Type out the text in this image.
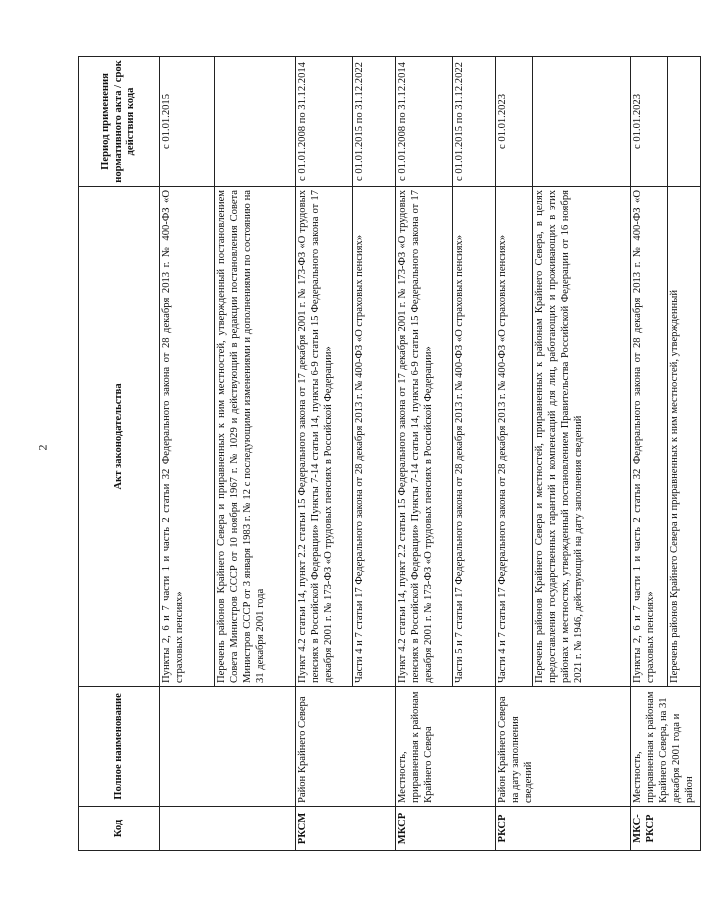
2
Код	Полное наименование	Акт законодательства	Период применения нормативного акта / срок действия кода
		Пункты 2, 6 и 7 части 1 и часть 2 статьи 32 Федерального закона от 28 декабря 2013 г. № 400-ФЗ «О страховых пенсиях»	с 01.01.2015
		Перечень районов Крайнего Севера и приравненных к ним местностей, утвержденный постановлением Совета Министров СССР от 10 ноября 1967 г. № 1029 и действующий в редакции постановления Совета Министров СССР от 3 января 1983 г. № 12 с последующими изменениями и дополнениями по состоянию на 31 декабря 2001 года	
РКСМ	Район Крайнего Севера	Пункт 4.2 статьи 14, пункт 2.2 статьи 15 Федерального закона от 17 декабря 2001 г. № 173-ФЗ «О трудовых пенсиях в Российской Федерации» Пункты 7-14 статьи 14, пункты 6-9 статьи 15 Федерального закона от 17 декабря 2001 г. № 173-ФЗ «О трудовых пенсиях в Российской Федерации»	с 01.01.2008 по 31.12.2014
		Части 4 и 7 статьи 17 Федерального закона от 28 декабря 2013 г. № 400-ФЗ «О страховых пенсиях»	с 01.01.2015 по 31.12.2022
МКСР	Местность, приравненная к районам Крайнего Севера	Пункт 4.2 статьи 14, пункт 2.2 статьи 15 Федерального закона от 17 декабря 2001 г. № 173-ФЗ «О трудовых пенсиях в Российской Федерации» Пункты 7-14 статьи 14, пункты 6-9 статьи 15 Федерального закона от 17 декабря 2001 г. № 173-ФЗ «О трудовых пенсиях в Российской Федерации»	с 01.01.2008 по 31.12.2014
		Части 5 и 7 статьи 17 Федерального закона от 28 декабря 2013 г. № 400-ФЗ «О страховых пенсиях»	с 01.01.2015 по 31.12.2022
РКСР	Район Крайнего Севера на дату заполнения сведений	Части 4 и 7 статьи 17 Федерального закона от 28 декабря 2013 г. № 400-ФЗ «О страховых пенсиях»	с 01.01.2023
		Перечень районов Крайнего Севера и местностей, приравненных к районам Крайнего Севера, в целях предоставления государственных гарантий и компенсаций для лиц, работающих и проживающих в этих районах и местностях, утвержденный постановлением Правительства Российской Федерации от 16 ноября 2021 г. № 1946, действующий на дату заполнения сведений	
МКС-РКСР	Местность, приравненная к районам Крайнего Севера, на 31 декабря 2001 года и район	Пункты 2, 6 и 7 части 1 и часть 2 статьи 32 Федерального закона от 28 декабря 2013 г. № 400-ФЗ «О страховых пенсиях»	с 01.01.2023
		Перечень районов Крайнего Севера и приравненных к ним местностей, утвержденный	
